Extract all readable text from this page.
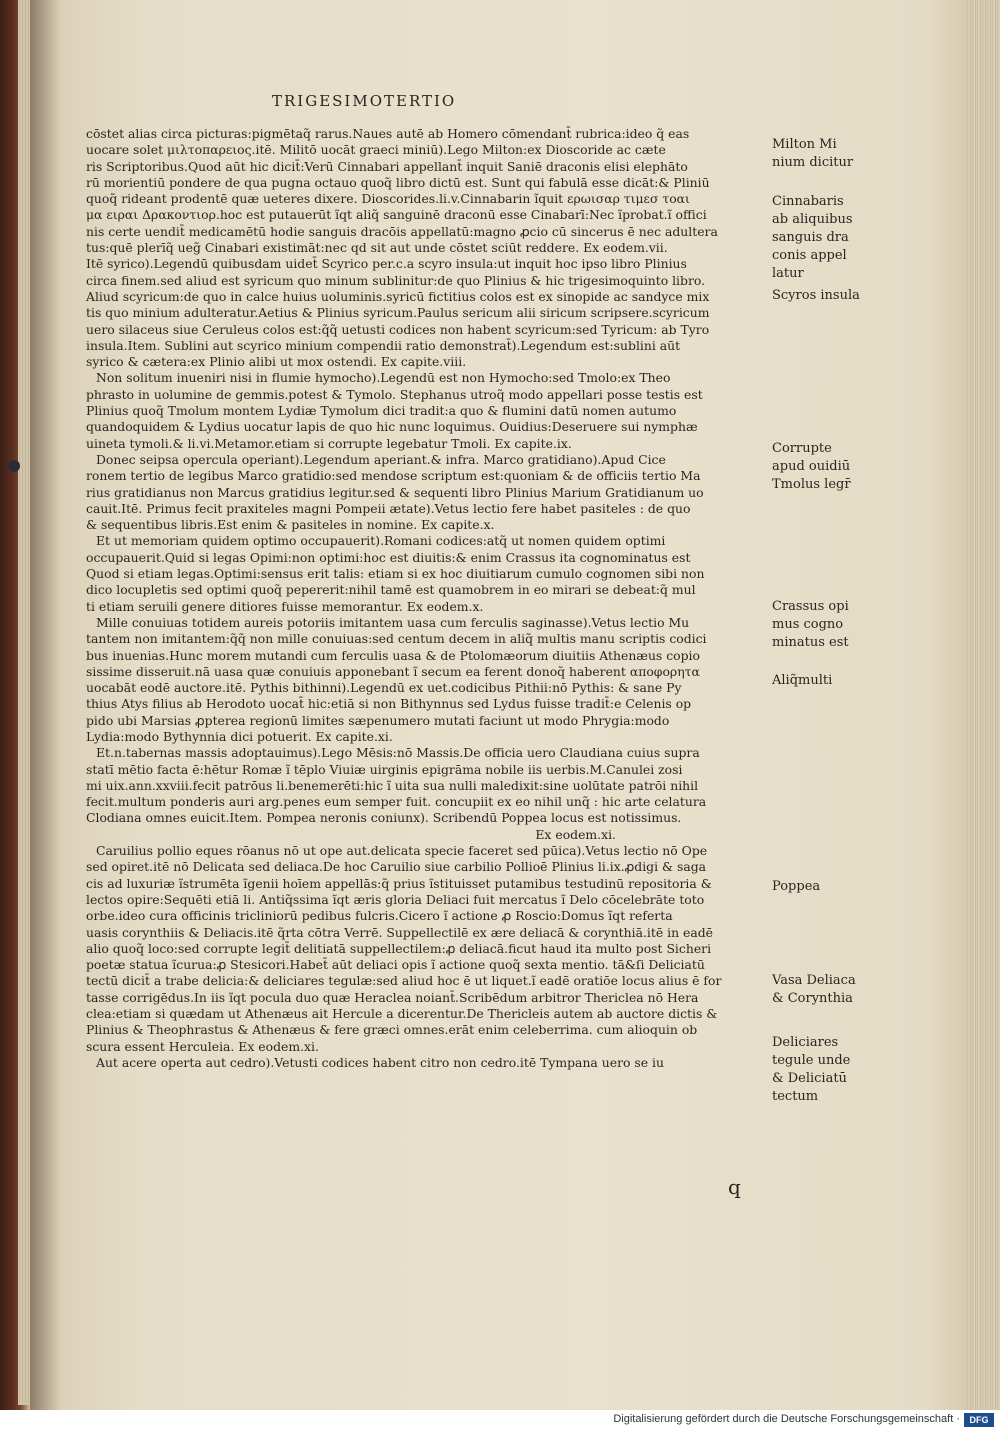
TRIGESIMOTERTIO
cōstet alias circa picturas:pigmētaq̃ rarus.Naues autē ab Homero cōmendant̄ rubrica:ideo q̃ eas
uocare solet μιλτοπαρειος.itē. Militō uocāt graeci miniū).Lego Milton:ex Dioscoride ac cæte
ris Scriptoribus.Quod aūt hic dicit̄:Verū Cinnabari appellant̄ inquit Saniē draconis elisi elephāto
rū morientiū pondere de qua pugna octauo quoq̃ libro dictū est. Sunt qui fabulā esse dicāt:& Pliniū
quoq̃ rideant prodentē quæ ueteres dixere. Dioscorides.li.v.Cinnabarin ĩquit ερωισαρ τιμεσ τοαι
μα ειραι Δρακοντιορ.hoc est putauerūt ĩqt aliq̃ sanguinē draconū esse Cinabarī:Nec ĩprobat.ĩ offici
nis certe uendit̄ medicamētū hodie sanguis dracōis appellatū:magno ꝓcio cū sincerus ē nec adultera
tus:quē plerīq̃ ueg̃ Cinabari existimāt:nec qd sit aut unde cōstet sciūt reddere. Ex eodem.vii.
Itē syrico).Legendū quibusdam uidet̄ Scyrico per.c.a scyro insula:ut inquit hoc ipso libro Plinius
circa finem.sed aliud est syricum quo minum sublinitur:de quo Plinius & hic trigesimoquinto libro.
Aliud scyricum:de quo in calce huius uoluminis.syricū fictitius colos est ex sinopide ac sandyce mix
tis quo minium adulteratur.Aetius & Plinius syricum.Paulus sericum alii siricum scripsere.scyricum
uero silaceus siue Ceruleus colos est:q̃q̃ uetusti codices non habent scyricum:sed Tyricum: ab Tyro
insula.Item. Sublini aut scyrico minium compendii ratio demonstrat̄).Legendum est:sublini aūt
syrico & cætera:ex Plinio alibi ut mox ostendi. Ex capite.viii.
Non solitum inueniri nisi in flumie hymocho).Legendū est non Hymocho:sed Tmolo:ex Theo
phrasto in uolumine de gemmis.potest & Tymolo. Stephanus utroq̃ modo appellari posse testis est
Plinius quoq̃ Tmolum montem Lydiæ Tymolum dici tradit:a quo & flumini datū nomen autumo
quandoquidem & Lydius uocatur lapis de quo hic nunc loquimus. Ouidius:Deseruere sui nymphæ
uineta tymoli.& li.vi.Metamor.etiam si corrupte legebatur Tmoli. Ex capite.ix.
Donec seipsa opercula operiant).Legendum aperiant.& infra. Marco gratidiano).Apud Cice
ronem tertio de legibus Marco gratidio:sed mendose scriptum est:quoniam & de officiis tertio Ma
rius gratidianus non Marcus gratidius legitur.sed & sequenti libro Plinius Marium Gratidianum uo
cauit.Itē. Primus fecit praxiteles magni Pompeii ætate).Vetus lectio fere habet pasiteles : de quo
& sequentibus libris.Est enim & pasiteles in nomine. Ex capite.x.
Et ut memoriam quidem optimo occupauerit).Romani codices:atq̃ ut nomen quidem optimi
occupauerit.Quid si legas Opimi:non optimi:hoc est diuitis:& enim Crassus ita cognominatus est
Quod si etiam legas.Optimi:sensus erit talis: etiam si ex hoc diuitiarum cumulo cognomen sibi non
dico locupletis sed optimi quoq̃ pepererit:nihil tamē est quamobrem in eo mirari se debeat:q̃ mul
ti etiam seruili genere ditiores fuisse memorantur. Ex eodem.x.
Mille conuiuas totidem aureis potoriis imitantem uasa cum ferculis saginasse).Vetus lectio Mu
tantem non imitantem:q̃q̃ non mille conuiuas:sed centum decem in aliq̃ multis manu scriptis codici
bus inuenias.Hunc morem mutandi cum ferculis uasa & de Ptolomæorum diuitiis Athenæus copio
sissime disseruit.nā uasa quæ conuiuis apponebant ĩ secum ea ferent donoq̃ haberent αποφορητα
uocabāt eodē auctore.itē. Pythis bithinni).Legendū ex uet.codicibus Pithii:nō Pythis: & sane Py
thius Atys filius ab Herodoto uocat̄ hic:etiā si non Bithynnus sed Lydus fuisse tradit̄:e Celenis op
pido ubi Marsias ꝓpterea regionū limites sæpenumero mutati faciunt ut modo Phrygia:modo
Lydia:modo Bythynnia dici potuerit. Ex capite.xi.
Et.n.tabernas massis adoptauimus).Lego Mēsis:nō Massis.De officia uero Claudiana cuius supra
statī mētio facta ē:hētur Romæ ĩ tēplo Viuiæ uirginis epigrāma nobile iis uerbis.M.Canulei zosi
mi uix.ann.xxviii.fecit patrōus li.benemerēti:hic ĩ uita sua nulli maledixit:sine uolūtate patrōi nihil
fecit.multum ponderis auri arg.penes eum semper fuit. concupiit ex eo nihil unq̃ : hic arte celatura
Clodiana omnes euicit.Item. Pompea neronis coniunx). Scribendū Poppea locus est notissimus.
Ex eodem.xi.
Caruilius pollio eques rōanus nō ut ope aut.delicata specie faceret sed pūica).Vetus lectio nō Ope
sed opiret.itē nō Delicata sed deliaca.De hoc Caruilio siue carbilio Pollioē Plinius li.ix.ꝓdigi & saga
cis ad luxuriæ ĩstrumēta ĩgenii hoīem appellās:q̃ prius ĩstituisset putamibus testudinū repositoria &
lectos opire:Sequēti etiā li. Antiq̃ssima ĩqt æris gloria Deliaci fuit mercatus ĩ Delo cōcelebrāte toto
orbe.ideo cura officinis tricliniorū pedibus fulcris.Cicero ĩ actione ꝓ Roscio:Domus ĩqt referta
uasis corynthiis & Deliacis.itē q̃rta cōtra Verrē. Suppellectilē ex ære deliacā & corynthiā.itē in eadē
alio quoq̃ loco:sed corrupte legit̄ delitiatā suppellectilem:ꝓ deliacā.ficut haud ita multo post Sicheri
poetæ statua ĩcurua:ꝓ Stesicori.Habet̄ aūt deliaci opis ĩ actione quoq̃ sexta mentio. tā&ſi Deliciatū
tectū dicit̄ a trabe delicia:& deliciares tegulæ:sed aliud hoc ē ut liquet.ĩ eadē oratiōe locus alius ē for
tasse corrigēdus.In iis ĩqt pocula duo quæ Heraclea noiant̄.Scribēdum arbitror Thericlea nō Hera
clea:etiam si quædam ut Athenæus ait Hercule a dicerentur.De Thericleis autem ab auctore dictis &
Plinius & Theophrastus & Athenæus & fere græci omnes.erāt enim celeberrima. cum alioquin ob
scura essent Herculeia. Ex eodem.xi.
Aut acere operta aut cedro).Vetusti codices habent citro non cedro.itē Tympana uero se iu
Milton Mi
nium dicitur
Cinnabaris
ab aliquibus
sanguis dra
conis appel
latur
Scyros insula
Corrupte
apud ouidiū
Tmolus legr̄
Crassus opi
mus cogno
minatus est
Aliq̃multi
Poppea
Vasa Deliaca
& Corynthia
Deliciares
tegule unde
& Deliciatū
tectum
q
Digitalisierung gefördert durch die Deutsche Forschungsgemeinschaft ·	DFG
